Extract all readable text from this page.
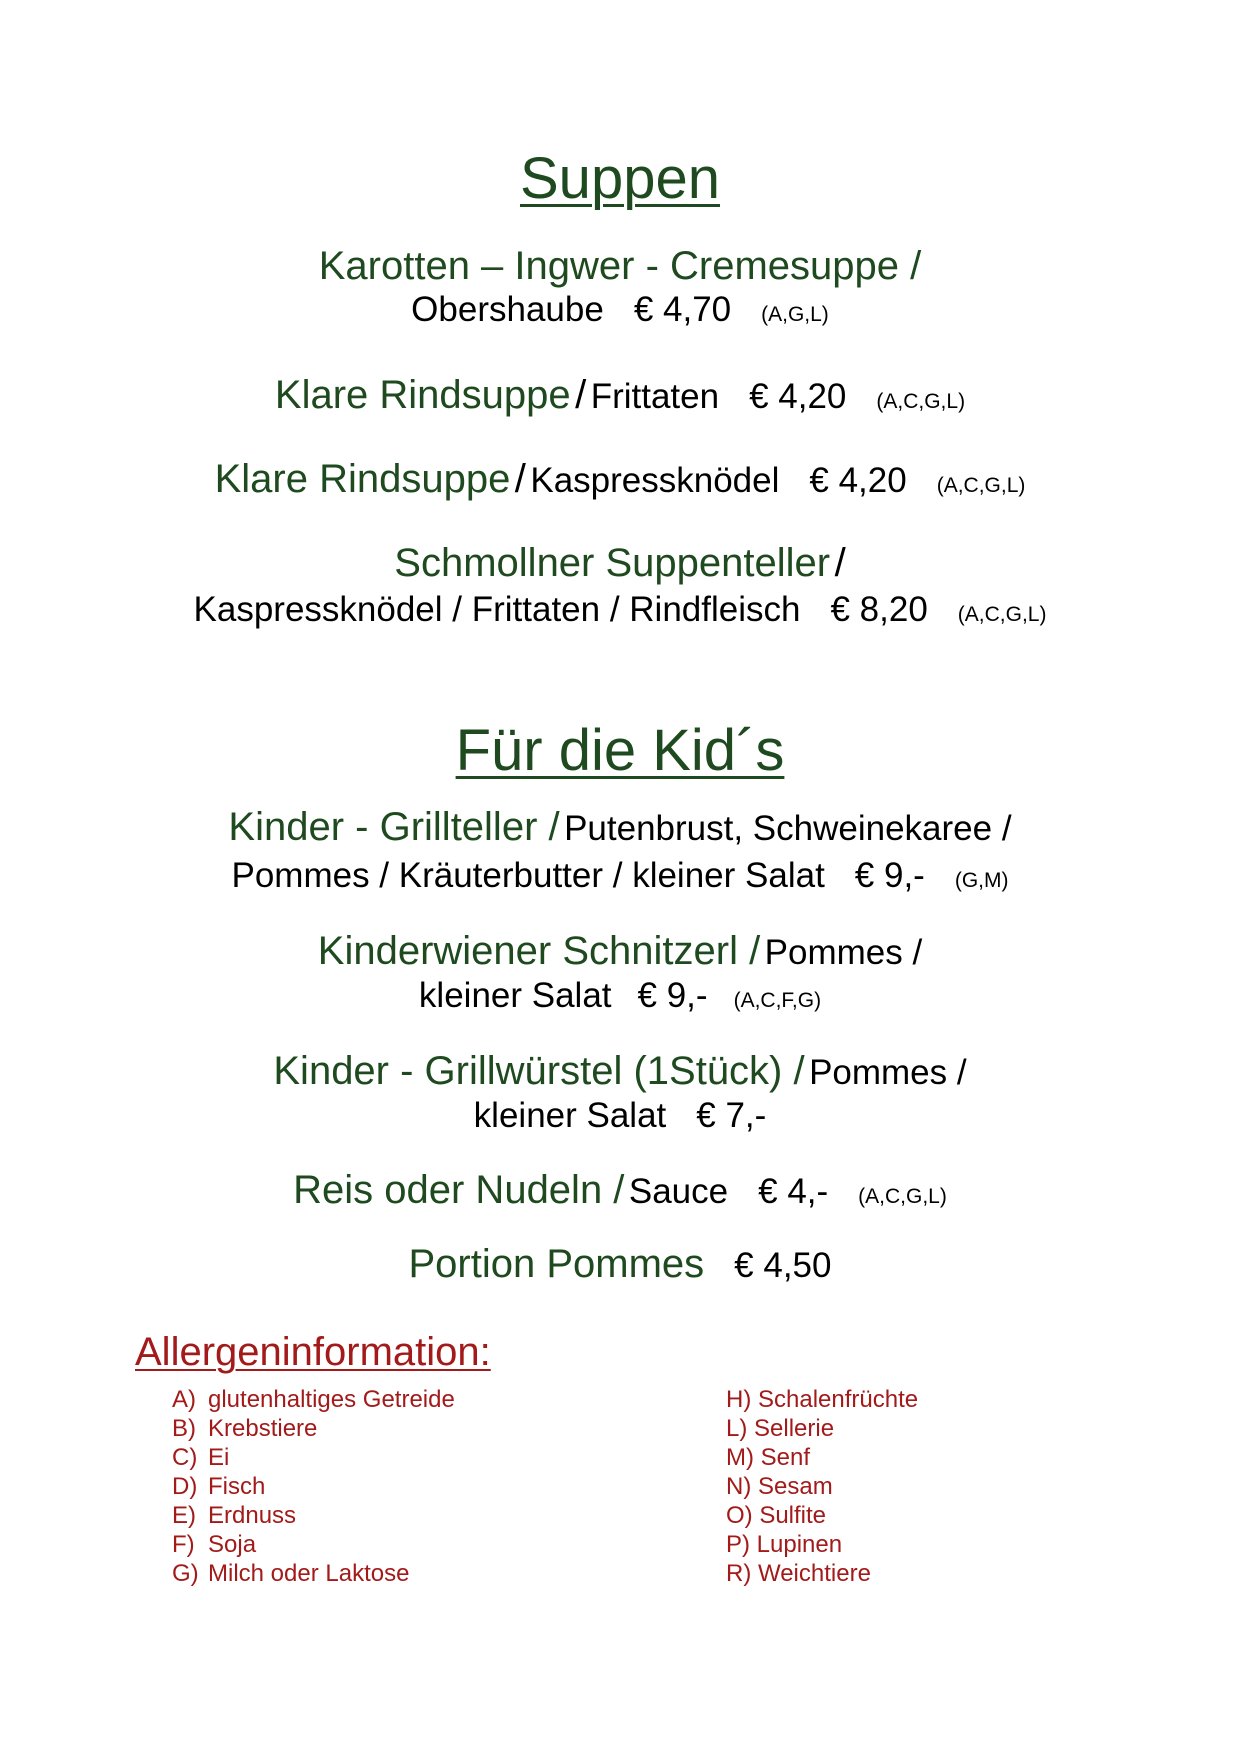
Suppen
Karotten – Ingwer - Cremesuppe /
Obershaube € 4,70 (A,G,L)
Klare Rindsuppe / Frittaten € 4,20 (A,C,G,L)
Klare Rindsuppe / Kaspressknödel € 4,20 (A,C,G,L)
Schmollner Suppenteller /
Kaspressknödel / Frittaten / Rindfleisch € 8,20 (A,C,G,L)
Für die Kid´s
Kinder - Grillteller / Putenbrust, Schweinekaree /
Pommes / Kräuterbutter / kleiner Salat € 9,- (G,M)
Kinderwiener Schnitzerl / Pommes /
kleiner Salat € 9,- (A,C,F,G)
Kinder - Grillwürstel (1Stück) / Pommes /
kleiner Salat € 7,-
Reis oder Nudeln / Sauce € 4,- (A,C,G,L)
Portion Pommes € 4,50
Allergeninformation:
A) glutenhaltiges Getreide
B) Krebstiere
C) Ei
D) Fisch
E) Erdnuss
F) Soja
G) Milch oder Laktose
H) Schalenfrüchte
L) Sellerie
M) Senf
N) Sesam
O) Sulfite
P) Lupinen
R) Weichtiere
